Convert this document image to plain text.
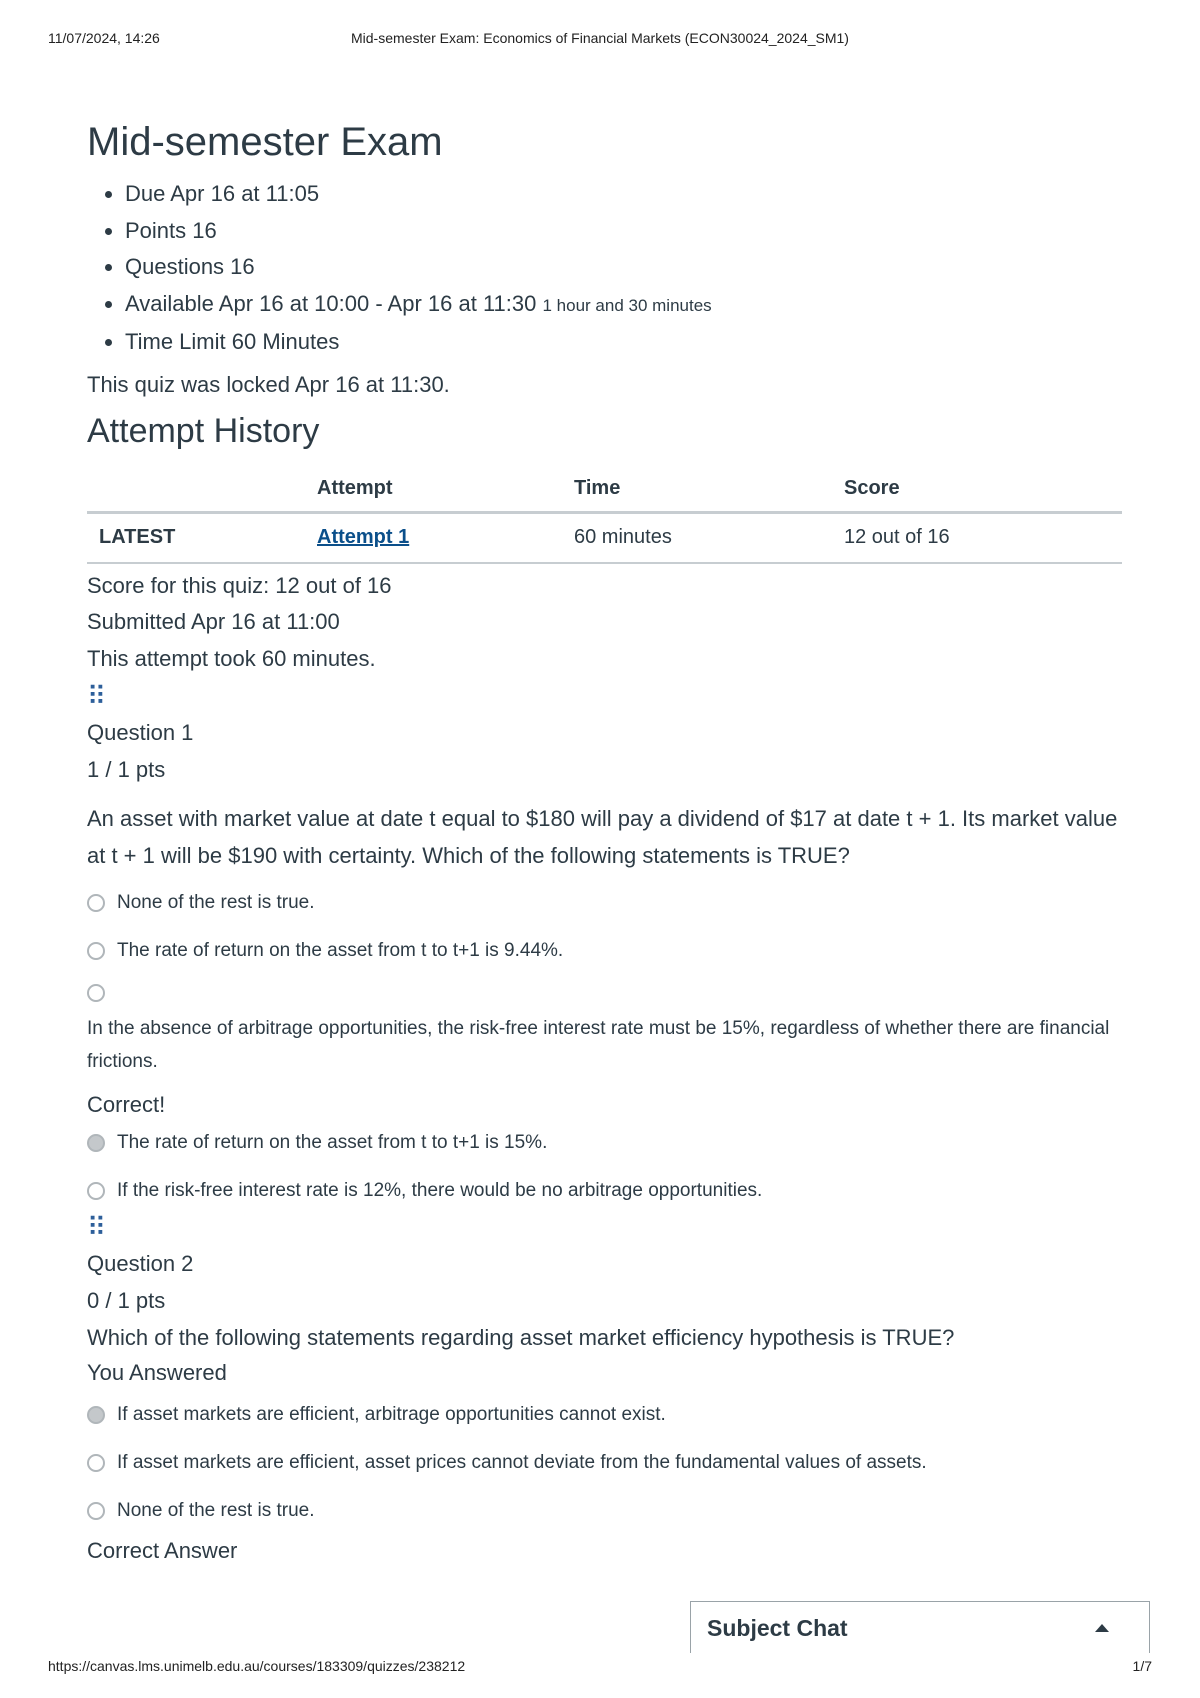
11/07/2024, 14:26	Mid-semester Exam: Economics of Financial Markets (ECON30024_2024_SM1)
Mid-semester Exam
• Due Apr 16 at 11:05
• Points 16
• Questions 16
• Available Apr 16 at 10:00 - Apr 16 at 11:30 1 hour and 30 minutes
• Time Limit 60 Minutes

This quiz was locked Apr 16 at 11:30.

Attempt History
	Attempt	Time	Score
LATEST	Attempt 1	60 minutes	12 out of 16

Score for this quiz: 12 out of 16

Submitted Apr 16 at 11:00

This attempt took 60 minutes.

⠿

Question 1

1 / 1 pts

An asset with market value at date t equal to $180 will pay a dividend of $17 at date t + 1. Its market value at t + 1 will be $190 with certainty. Which of the following statements is TRUE?

None of the rest is true.
The rate of return on the asset from t to t+1 is 9.44%.
In the absence of arbitrage opportunities, the risk-free interest rate must be 15%, regardless of whether there are financial frictions.

Correct!

The rate of return on the asset from t to t+1 is 15%.
If the risk-free interest rate is 12%, there would be no arbitrage opportunities.
⠿

Question 2

0 / 1 pts

Which of the following statements regarding asset market efficiency hypothesis is TRUE?

You Answered

If asset markets are efficient, arbitrage opportunities cannot exist.
If asset markets are efficient, asset prices cannot deviate from the fundamental values of assets.
None of the rest is true.

Correct Answer

Subject Chat
https://canvas.lms.unimelb.edu.au/courses/183309/quizzes/238212	1/7
